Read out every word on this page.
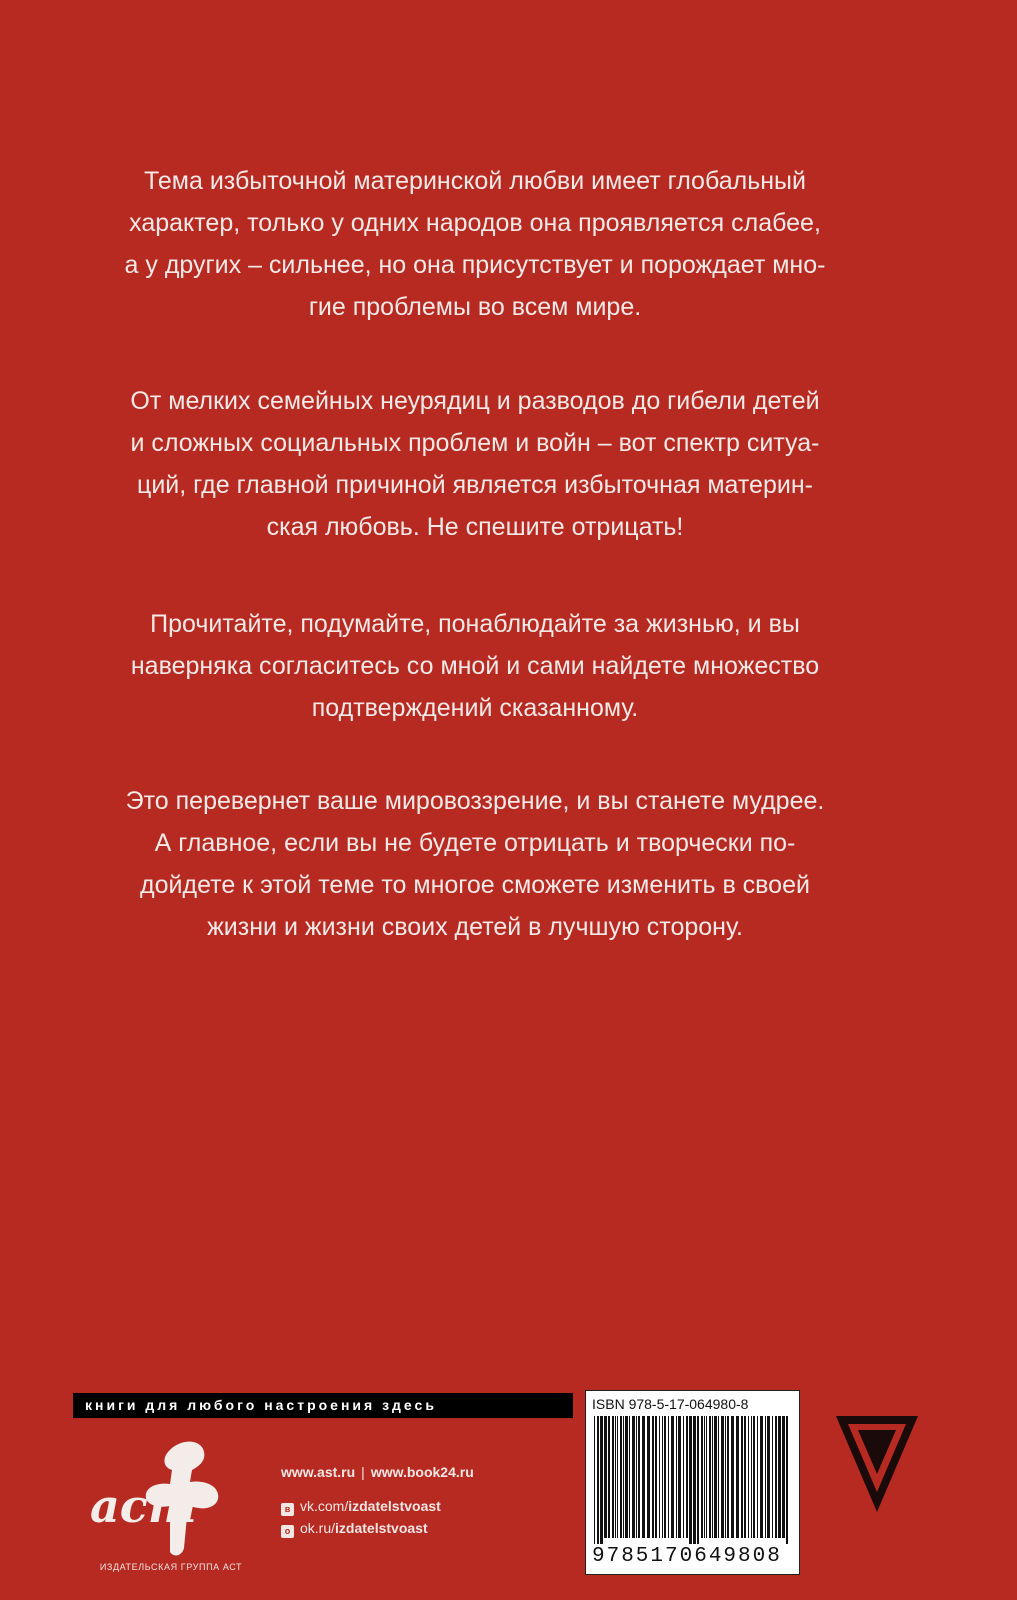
Тема избыточной материнской любви имеет глобальный
характер, только у одних народов она проявляется слабее,
а у других – сильнее, но она присутствует и порождает мно-
гие проблемы во всем мире.

От мелких семейных неурядиц и разводов до гибели детей
и сложных социальных проблем и войн – вот спектр ситуа-
ций, где главной причиной является избыточная материн-
ская любовь. Не спешите отрицать!

Прочитайте, подумайте, понаблюдайте за жизнью, и вы
наверняка согласитесь со мной и сами найдете множество
подтверждений сказанному.

Это перевернет ваше мировоззрение, и вы станете мудрее.
А главное, если вы не будете отрицать и творчески по-
дойдете к этой теме то многое сможете изменить в своей
жизни и жизни своих детей в лучшую сторону.

книги для любого настроения здесь
аст
ИЗДАТЕЛЬСКАЯ ГРУППА АСТ
www.ast.ru | www.book24.ru
в vk.com/izdatelstvoast
о ok.ru/izdatelstvoast
ISBN 978-5-17-064980-8
9785170649808
